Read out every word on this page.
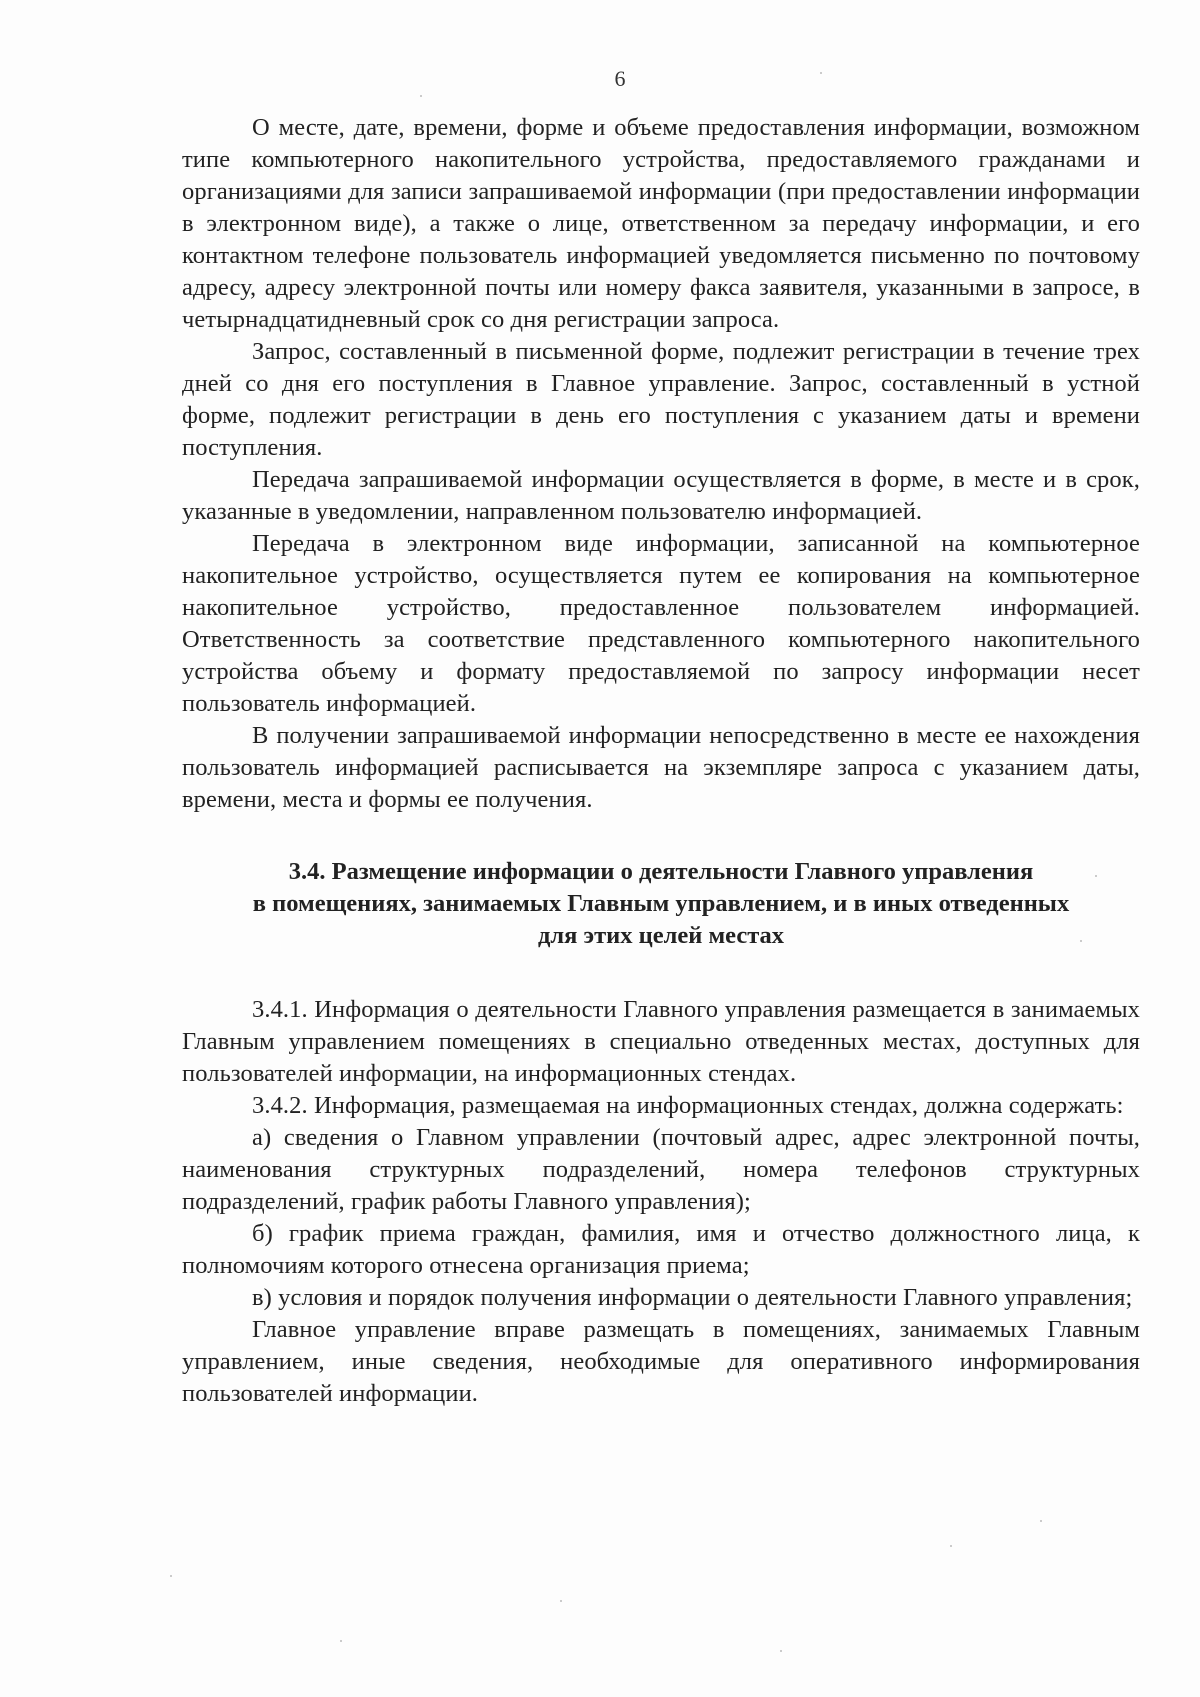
6

О месте, дате, времени, форме и объеме предоставления информации, возможном типе компьютерного накопительного устройства, предоставляемого гражданами и организациями для записи запрашиваемой информации (при предоставлении информации в электронном виде), а также о лице, ответственном за передачу информации, и его контактном телефоне пользователь информацией уведомляется письменно по почтовому адресу, адресу электронной почты или номеру факса заявителя, указанными в запросе, в четырнадцатидневный срок со дня регистрации запроса.

Запрос, составленный в письменной форме, подлежит регистрации в течение трех дней со дня его поступления в Главное управление. Запрос, составленный в устной форме, подлежит регистрации в день его поступления с указанием даты и времени поступления.

Передача запрашиваемой информации осуществляется в форме, в месте и в срок, указанные в уведомлении, направленном пользователю информацией.

Передача в электронном виде информации, записанной на компьютерное накопительное устройство, осуществляется путем ее копирования на компьютерное накопительное устройство, предоставленное пользователем информацией. Ответственность за соответствие представленного компьютерного накопительного устройства объему и формату предоставляемой по запросу информации несет пользователь информацией.

В получении запрашиваемой информации непосредственно в месте ее нахождения пользователь информацией расписывается на экземпляре запроса с указанием даты, времени, места и формы ее получения.

3.4. Размещение информации о деятельности Главного управления
в помещениях, занимаемых Главным управлением, и в иных отведенных
для этих целей местах

3.4.1. Информация о деятельности Главного управления размещается в занимаемых Главным управлением помещениях в специально отведенных местах, доступных для пользователей информации, на информационных стендах.

3.4.2. Информация, размещаемая на информационных стендах, должна содержать:

а) сведения о Главном управлении (почтовый адрес, адрес электронной почты, наименования структурных подразделений, номера телефонов структурных подразделений, график работы Главного управления);

б) график приема граждан, фамилия, имя и отчество должностного лица, к полномочиям которого отнесена организация приема;

в) условия и порядок получения информации о деятельности Главного управления;

Главное управление вправе размещать в помещениях, занимаемых Главным управлением, иные сведения, необходимые для оперативного информирования пользователей информации.
